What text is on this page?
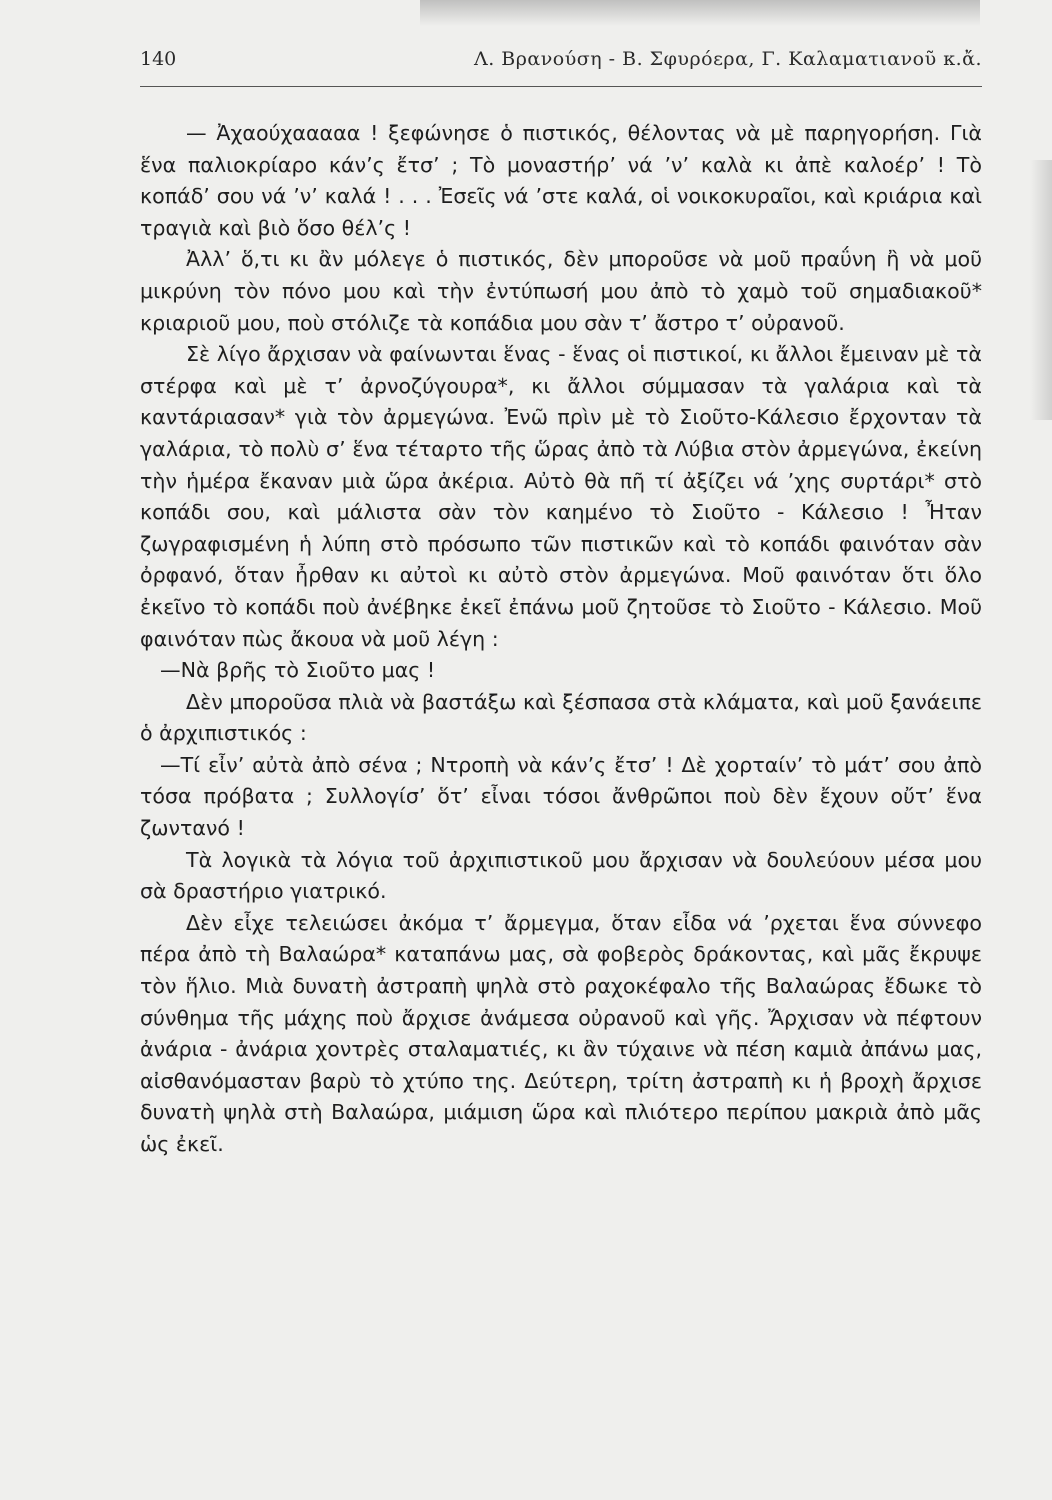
140	Λ. Βρανούση - Β. Σφυρόερα, Γ. Καλαματιανοῦ κ.ἄ.

— Ἀχαούχααααα ! ξεφώνησε ὁ πιστικός, θέλοντας νὰ μὲ παρηγορήση. Γιὰ ἕνα παλιοκρίαρο κάν’ς ἔτσ’ ; Τὸ μοναστήρ’ νά ’ν’ καλὰ κι ἀπὲ καλοέρ’ ! Τὸ κοπάδ’ σου νά ’ν’ καλά ! . . . Ἐσεῖς νά ’στε καλά, οἱ νοικοκυραῖοι, καὶ κριάρια καὶ τραγιὰ καὶ βιὸ ὅσο θέλ’ς !

Ἀλλ’ ὅ,τι κι ἂν μόλεγε ὁ πιστικός, δὲν μποροῦσε νὰ μοῦ πραΰνη ἢ νὰ μοῦ μικρύνη τὸν πόνο μου καὶ τὴν ἐντύπωσή μου ἀπὸ τὸ χαμὸ τοῦ σημαδιακοῦ* κριαριοῦ μου, ποὺ στόλιζε τὰ κοπάδια μου σὰν τ’ ἄστρο τ’ οὐρανοῦ.

Σὲ λίγο ἄρχισαν νὰ φαίνωνται ἕνας - ἕνας οἱ πιστικοί, κι ἄλλοι ἔμειναν μὲ τὰ στέρφα καὶ μὲ τ’ ἀρνοζύγουρα*, κι ἄλλοι σύμμασαν τὰ γαλάρια καὶ τὰ καντάριασαν* γιὰ τὸν ἀρμεγώνα. Ἐνῶ πρὶν μὲ τὸ Σιοῦτο-Κάλεσιο ἔρχονταν τὰ γαλάρια, τὸ πολὺ σ’ ἕνα τέταρτο τῆς ὥρας ἀπὸ τὰ Λύβια στὸν ἀρμεγώνα, ἐκείνη τὴν ἡμέρα ἔκαναν μιὰ ὥρα ἀκέρια. Αὐτὸ θὰ πῆ τί ἀξίζει νά ’χης συρτάρι* στὸ κοπάδι σου, καὶ μάλιστα σὰν τὸν καημένο τὸ Σιοῦτο - Κάλεσιο ! Ἦταν ζωγραφισμένη ἡ λύπη στὸ πρόσωπο τῶν πιστικῶν καὶ τὸ κοπάδι φαινόταν σὰν ὀρφανό, ὅταν ἦρθαν κι αὐτοὶ κι αὐτὸ στὸν ἀρμεγώνα. Μοῦ φαινόταν ὅτι ὅλο ἐκεῖνο τὸ κοπάδι ποὺ ἀνέβηκε ἐκεῖ ἐπάνω μοῦ ζητοῦσε τὸ Σιοῦτο - Κάλεσιο. Μοῦ φαινόταν πὼς ἄκουα νὰ μοῦ λέγη :

—Νὰ βρῆς τὸ Σιοῦτο μας !

Δὲν μποροῦσα πλιὰ νὰ βαστάξω καὶ ξέσπασα στὰ κλάματα, καὶ μοῦ ξανάειπε ὁ ἀρχιπιστικός :

—Τί εἶν’ αὐτὰ ἀπὸ σένα ; Ντροπὴ νὰ κάν’ς ἔτσ’ ! Δὲ χορταίν’ τὸ μάτ’ σου ἀπὸ τόσα πρόβατα ; Συλλογίσ’ ὅτ’ εἶναι τόσοι ἄνθρῶποι ποὺ δὲν ἔχουν οὔτ’ ἕνα ζωντανό !

Τὰ λογικὰ τὰ λόγια τοῦ ἀρχιπιστικοῦ μου ἄρχισαν νὰ δουλεύουν μέσα μου σὰ δραστήριο γιατρικό.

Δὲν εἶχε τελειώσει ἀκόμα τ’ ἄρμεγμα, ὅταν εἶδα νά ’ρχεται ἕνα σύννεφο πέρα ἀπὸ τὴ Βαλαώρα* καταπάνω μας, σὰ φοβερὸς δράκοντας, καὶ μᾶς ἔκρυψε τὸν ἥλιο. Μιὰ δυνατὴ ἀστραπὴ ψηλὰ στὸ ραχοκέφαλο τῆς Βαλαώρας ἔδωκε τὸ σύνθημα τῆς μάχης ποὺ ἄρχισε ἀνάμεσα οὐρανοῦ καὶ γῆς. Ἄρχισαν νὰ πέφτουν ἀνάρια - ἀνάρια χοντρὲς σταλαματιές, κι ἂν τύχαινε νὰ πέση καμιὰ ἀπάνω μας, αἰσθανόμασταν βαρὺ τὸ χτύπο της. Δεύτερη, τρίτη ἀστραπὴ κι ἡ βροχὴ ἄρχισε δυνατὴ ψηλὰ στὴ Βαλαώρα, μιάμιση ὥρα καὶ πλιότερο περίπου μακριὰ ἀπὸ μᾶς ὡς ἐκεῖ.
